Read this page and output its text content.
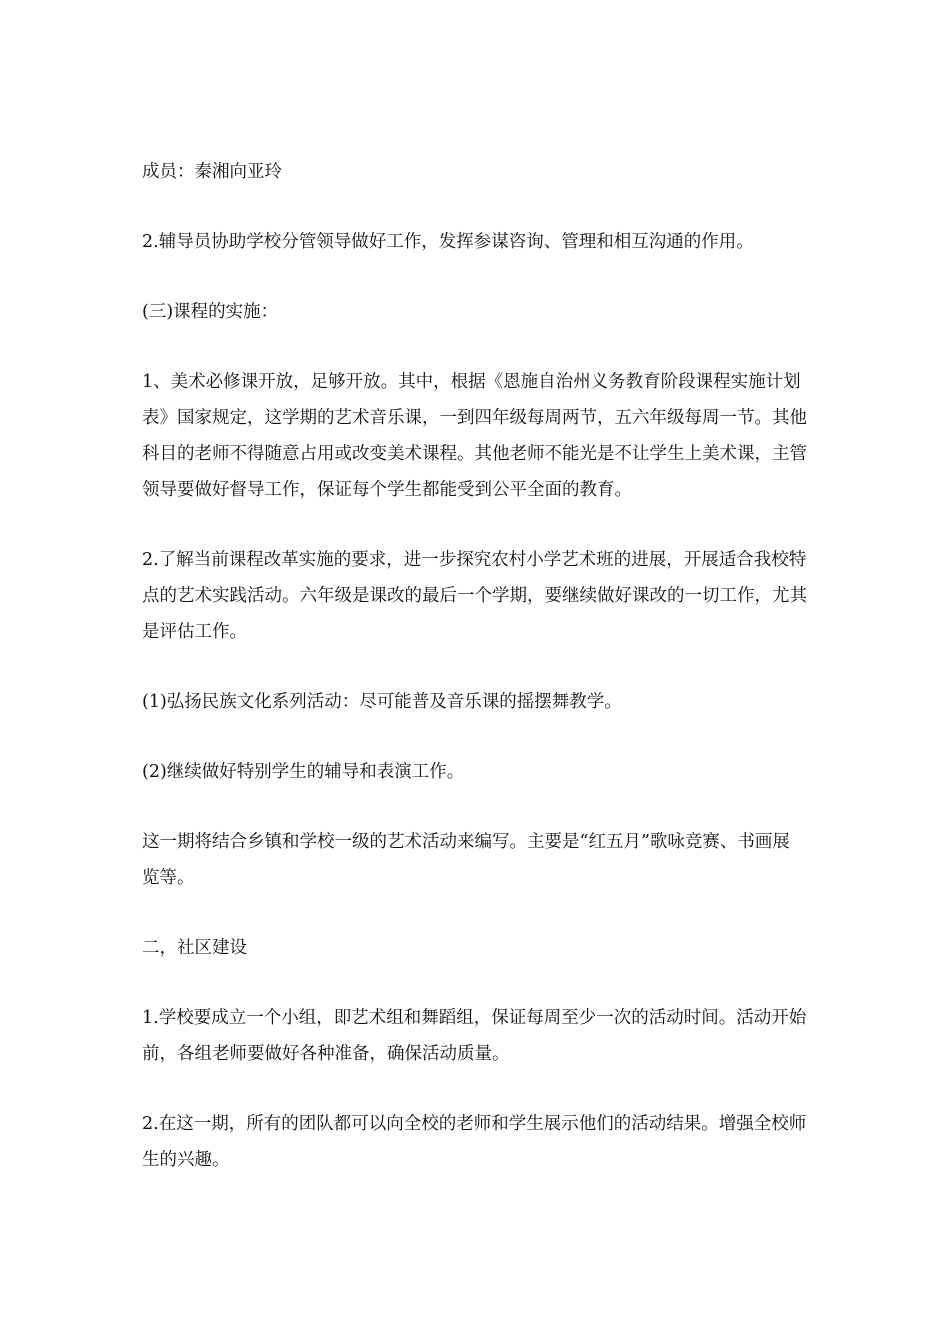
成员：秦湘向亚玲

2.辅导员协助学校分管领导做好工作，发挥参谋咨询、管理和相互沟通的作用。

(三)课程的实施：

1、美术必修课开放，足够开放。其中，根据《恩施自治州义务教育阶段课程实施计划表》国家规定，这学期的艺术音乐课，一到四年级每周两节，五六年级每周一节。其他科目的老师不得随意占用或改变美术课程。其他老师不能光是不让学生上美术课，主管领导要做好督导工作，保证每个学生都能受到公平全面的教育。

2.了解当前课程改革实施的要求，进一步探究农村小学艺术班的进展，开展适合我校特点的艺术实践活动。六年级是课改的最后一个学期，要继续做好课改的一切工作，尤其是评估工作。

(1)弘扬民族文化系列活动：尽可能普及音乐课的摇摆舞教学。

(2)继续做好特别学生的辅导和表演工作。

这一期将结合乡镇和学校一级的艺术活动来编写。主要是“红五月”歌咏竞赛、书画展览等。

二，社区建设

1.学校要成立一个小组，即艺术组和舞蹈组，保证每周至少一次的活动时间。活动开始前，各组老师要做好各种准备，确保活动质量。

2.在这一期，所有的团队都可以向全校的老师和学生展示他们的活动结果。增强全校师生的兴趣。
